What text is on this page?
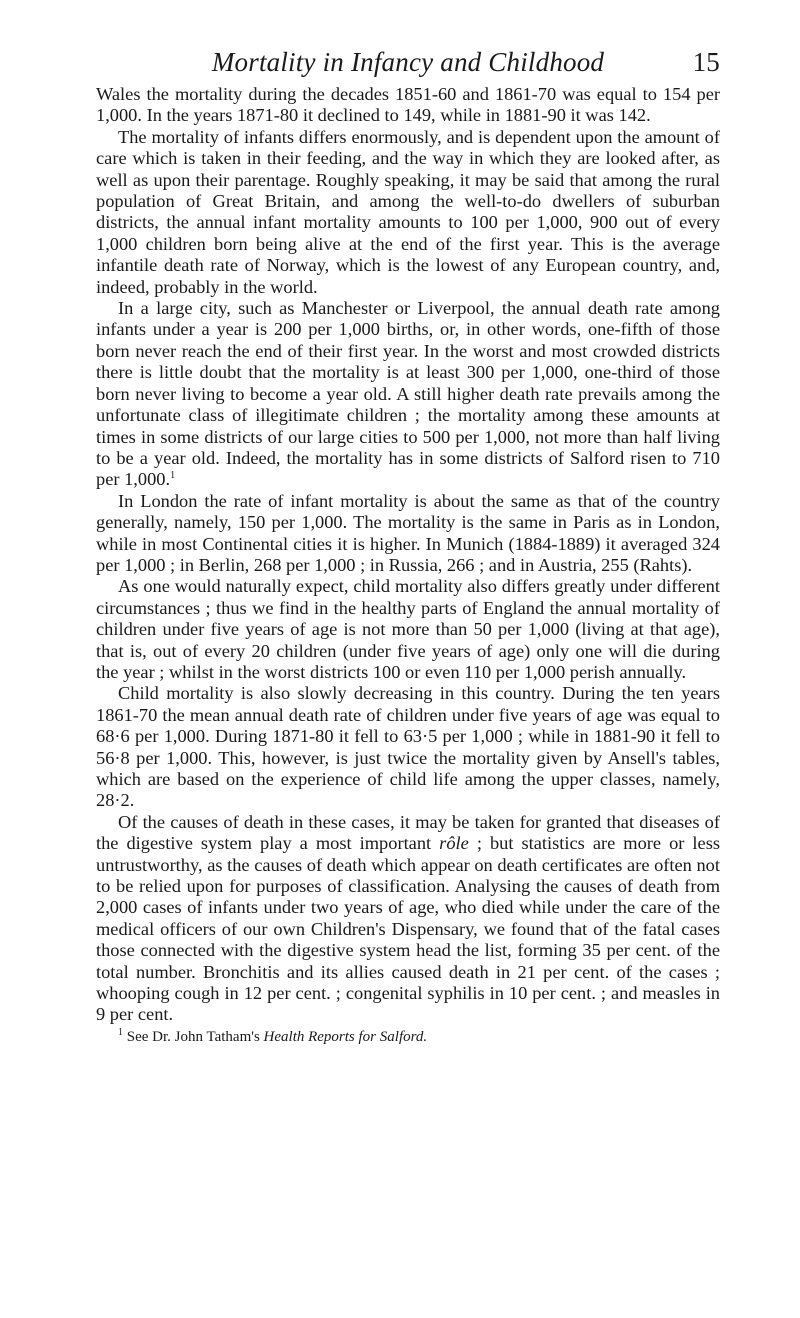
Mortality in Infancy and Childhood	15

Wales the mortality during the decades 1851-60 and 1861-70 was equal to 154 per 1,000. In the years 1871-80 it declined to 149, while in 1881-90 it was 142.

The mortality of infants differs enormously, and is dependent upon the amount of care which is taken in their feeding, and the way in which they are looked after, as well as upon their parentage. Roughly speaking, it may be said that among the rural population of Great Britain, and among the well-to-do dwellers of suburban districts, the annual infant mortality amounts to 100 per 1,000, 900 out of every 1,000 children born being alive at the end of the first year. This is the average infantile death rate of Norway, which is the lowest of any European country, and, indeed, probably in the world.

In a large city, such as Manchester or Liverpool, the annual death rate among infants under a year is 200 per 1,000 births, or, in other words, one-fifth of those born never reach the end of their first year. In the worst and most crowded districts there is little doubt that the mortality is at least 300 per 1,000, one-third of those born never living to become a year old. A still higher death rate prevails among the unfortunate class of illegitimate children ; the mortality among these amounts at times in some districts of our large cities to 500 per 1,000, not more than half living to be a year old. Indeed, the mortality has in some districts of Salford risen to 710 per 1,000.$^1$

In London the rate of infant mortality is about the same as that of the country generally, namely, 150 per 1,000. The mortality is the same in Paris as in London, while in most Continental cities it is higher. In Munich (1884-1889) it averaged 324 per 1,000 ; in Berlin, 268 per 1,000 ; in Russia, 266 ; and in Austria, 255 (Rahts).

As one would naturally expect, child mortality also differs greatly under different circumstances ; thus we find in the healthy parts of England the annual mortality of children under five years of age is not more than 50 per 1,000 (living at that age), that is, out of every 20 children (under five years of age) only one will die during the year ; whilst in the worst districts 100 or even 110 per 1,000 perish annually.

Child mortality is also slowly decreasing in this country. During the ten years 1861-70 the mean annual death rate of children under five years of age was equal to 68·6 per 1,000. During 1871-80 it fell to 63·5 per 1,000 ; while in 1881-90 it fell to 56·8 per 1,000. This, however, is just twice the mortality given by Ansell's tables, which are based on the experience of child life among the upper classes, namely, 28·2.

Of the causes of death in these cases, it may be taken for granted that diseases of the digestive system play a most important rôle ; but statistics are more or less untrustworthy, as the causes of death which appear on death certificates are often not to be relied upon for purposes of classification. Analysing the causes of death from 2,000 cases of infants under two years of age, who died while under the care of the medical officers of our own Children's Dispensary, we found that of the fatal cases those connected with the digestive system head the list, forming 35 per cent. of the total number. Bronchitis and its allies caused death in 21 per cent. of the cases ; whooping cough in 12 per cent. ; congenital syphilis in 10 per cent. ; and measles in 9 per cent.

$^1$ See Dr. John Tatham's Health Reports for Salford.
